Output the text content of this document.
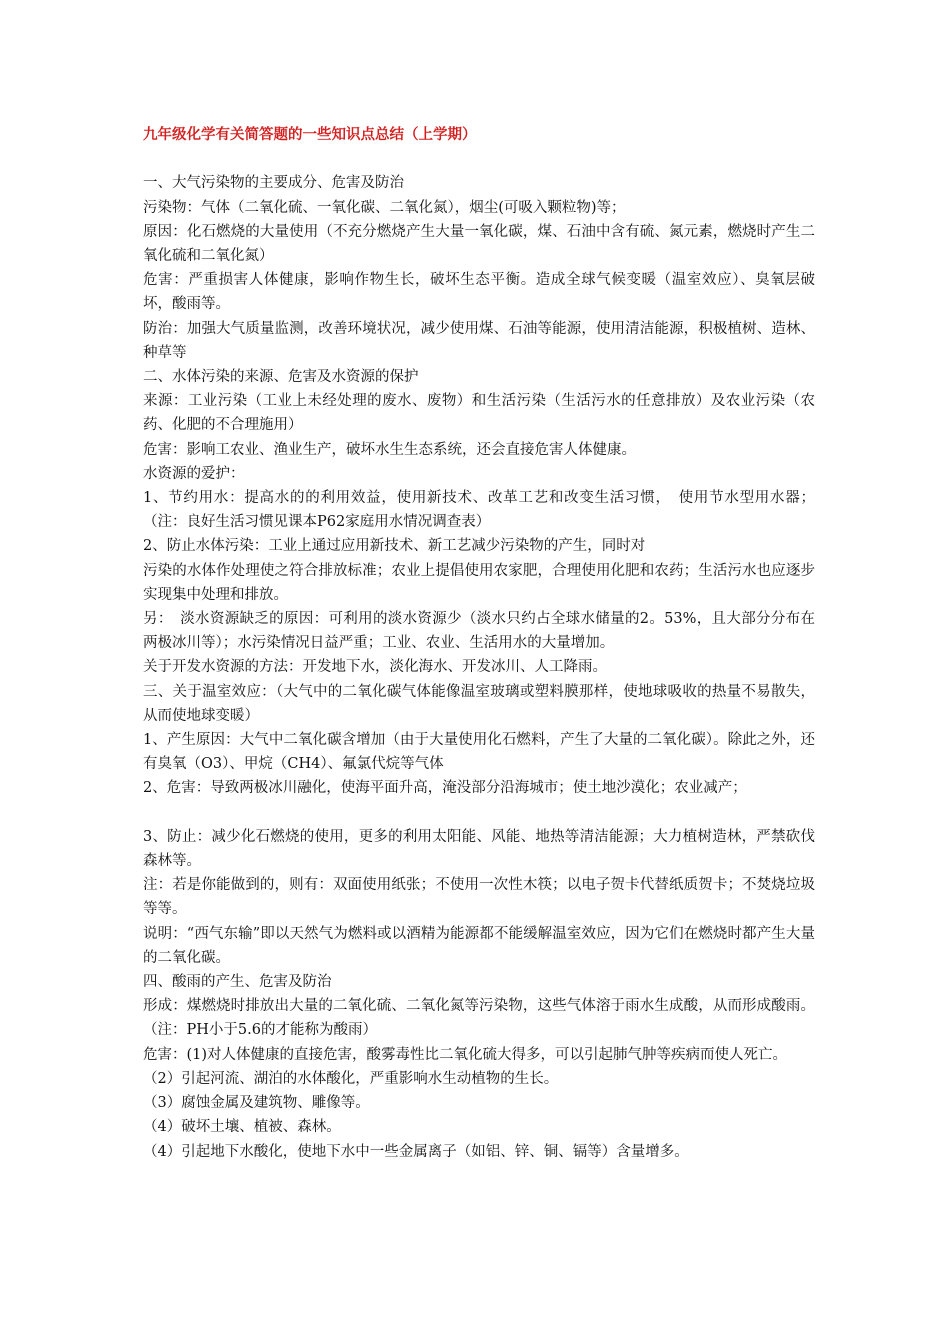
九年级化学有关简答题的一些知识点总结（上学期）

一、大气污染物的主要成分、危害及防治

污染物：气体（二氧化硫、一氧化碳、二氧化氮），烟尘(可吸入颗粒物)等；

原因：化石燃烧的大量使用（不充分燃烧产生大量一氧化碳，煤、石油中含有硫、氮元素，燃烧时产生二氧化硫和二氧化氮）

危害：严重损害人体健康，影响作物生长，破坏生态平衡。造成全球气候变暖（温室效应）、臭氧层破坏，酸雨等。

防治：加强大气质量监测，改善环境状况，减少使用煤、石油等能源，使用清洁能源，积极植树、造林、种草等

二、水体污染的来源、危害及水资源的保护

来源：工业污染（工业上未经处理的废水、废物）和生活污染（生活污水的任意排放）及农业污染（农药、化肥的不合理施用）

危害：影响工农业、渔业生产，破坏水生生态系统，还会直接危害人体健康。

水资源的爱护：

1、节约用水：提高水的的利用效益，使用新技术、改革工艺和改变生活习惯，　使用节水型用水器；（注：良好生活习惯见课本P62家庭用水情况调查表）

2、防止水体污染：工业上通过应用新技术、新工艺减少污染物的产生，同时对

污染的水体作处理使之符合排放标准；农业上提倡使用农家肥，合理使用化肥和农药；生活污水也应逐步实现集中处理和排放。

另：　淡水资源缺乏的原因：可利用的淡水资源少（淡水只约占全球水储量的2。53%，且大部分分布在两极冰川等）；水污染情况日益严重；工业、农业、生活用水的大量增加。

关于开发水资源的方法：开发地下水，淡化海水、开发冰川、人工降雨。

三、关于温室效应：（大气中的二氧化碳气体能像温室玻璃或塑料膜那样，使地球吸收的热量不易散失，从而使地球变暖）

1、产生原因：大气中二氧化碳含增加（由于大量使用化石燃料，产生了大量的二氧化碳）。除此之外，还有臭氧（O3）、甲烷（CH4）、氟氯代烷等气体

2、危害：导致两极冰川融化，使海平面升高，淹没部分沿海城市；使土地沙漠化；农业减产；

3、防止：减少化石燃烧的使用，更多的利用太阳能、风能、地热等清洁能源；大力植树造林，严禁砍伐森林等。

注：若是你能做到的，则有：双面使用纸张；不使用一次性木筷；以电子贺卡代替纸质贺卡；不焚烧垃圾等等。

说明：“西气东输”即以天然气为燃料或以酒精为能源都不能缓解温室效应，因为它们在燃烧时都产生大量的二氧化碳。

四、酸雨的产生、危害及防治

形成：煤燃烧时排放出大量的二氧化硫、二氧化氮等污染物，这些气体溶于雨水生成酸，从而形成酸雨。（注：PH小于5.6的才能称为酸雨）

危害：(1)对人体健康的直接危害，酸雾毒性比二氧化硫大得多，可以引起肺气肿等疾病而使人死亡。

（2）引起河流、湖泊的水体酸化，严重影响水生动植物的生长。

（3）腐蚀金属及建筑物、雕像等。

（4）破坏土壤、植被、森林。

（4）引起地下水酸化，使地下水中一些金属离子（如铝、锌、铜、镉等）含量增多。
